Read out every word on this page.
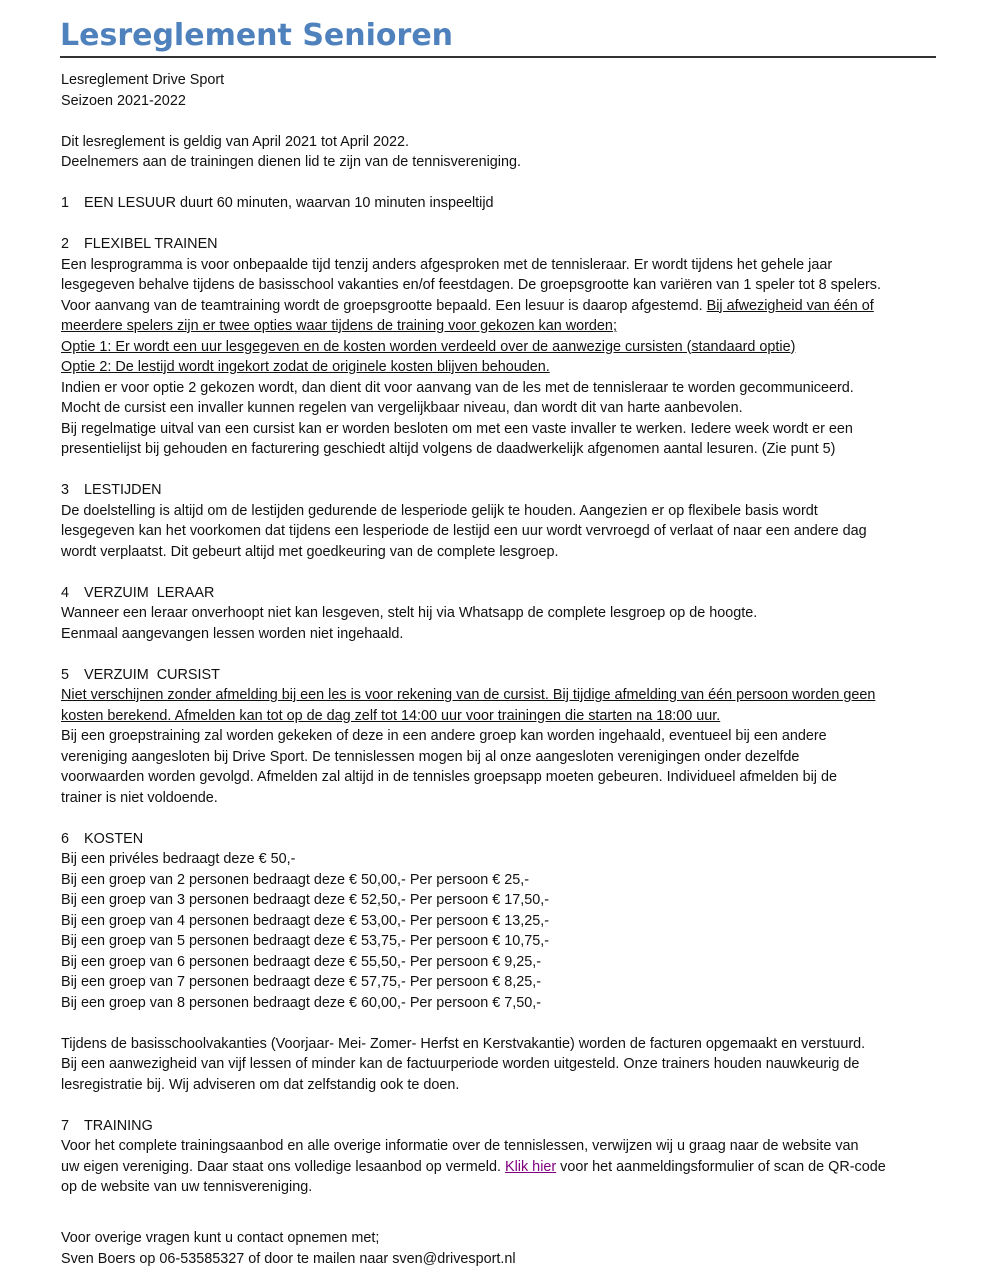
Lesreglement Senioren
Lesreglement Drive Sport
Seizoen 2021-2022
Dit lesreglement is geldig van April 2021 tot April 2022.
Deelnemers aan de trainingen dienen lid te zijn van de tennisvereniging.
1 EEN LESUUR duurt 60 minuten, waarvan 10 minuten inspeeltijd
2 FLEXIBEL TRAINEN
Een lesprogramma is voor onbepaalde tijd tenzij anders afgesproken met de tennisleraar. Er wordt tijdens het gehele jaar
lesgegeven behalve tijdens de basisschool vakanties en/of feestdagen. De groepsgrootte kan variëren van 1 speler tot 8 spelers.
Voor aanvang van de teamtraining wordt de groepsgrootte bepaald. Een lesuur is daarop afgestemd. Bij afwezigheid van één of
meerdere spelers zijn er twee opties waar tijdens de training voor gekozen kan worden;
Optie 1: Er wordt een uur lesgegeven en de kosten worden verdeeld over de aanwezige cursisten (standaard optie)
Optie 2: De lestijd wordt ingekort zodat de originele kosten blijven behouden.
Indien er voor optie 2 gekozen wordt, dan dient dit voor aanvang van de les met de tennisleraar te worden gecommuniceerd.
Mocht de cursist een invaller kunnen regelen van vergelijkbaar niveau, dan wordt dit van harte aanbevolen.
Bij regelmatige uitval van een cursist kan er worden besloten om met een vaste invaller te werken. Iedere week wordt er een
presentielijst bij gehouden en facturering geschiedt altijd volgens de daadwerkelijk afgenomen aantal lesuren. (Zie punt 5)
3 LESTIJDEN
De doelstelling is altijd om de lestijden gedurende de lesperiode gelijk te houden. Aangezien er op flexibele basis wordt
lesgegeven kan het voorkomen dat tijdens een lesperiode de lestijd een uur wordt vervroegd of verlaat of naar een andere dag
wordt verplaatst. Dit gebeurt altijd met goedkeuring van de complete lesgroep.
4 VERZUIM  LERAAR
Wanneer een leraar onverhoopt niet kan lesgeven, stelt hij via Whatsapp de complete lesgroep op de hoogte.
Eenmaal aangevangen lessen worden niet ingehaald.
5 VERZUIM  CURSIST
Niet verschijnen zonder afmelding bij een les is voor rekening van de cursist. Bij tijdige afmelding van één persoon worden geen
kosten berekend. Afmelden kan tot op de dag zelf tot 14:00 uur voor trainingen die starten na 18:00 uur.
Bij een groepstraining zal worden gekeken of deze in een andere groep kan worden ingehaald, eventueel bij een andere
vereniging aangesloten bij Drive Sport. De tennislessen mogen bij al onze aangesloten verenigingen onder dezelfde
voorwaarden worden gevolgd. Afmelden zal altijd in de tennisles groepsapp moeten gebeuren. Individueel afmelden bij de
trainer is niet voldoende.
6 KOSTEN
Bij een privéles bedraagt deze € 50,-
Bij een groep van 2 personen bedraagt deze € 50,00,- Per persoon € 25,-
Bij een groep van 3 personen bedraagt deze € 52,50,- Per persoon € 17,50,-
Bij een groep van 4 personen bedraagt deze € 53,00,- Per persoon € 13,25,-
Bij een groep van 5 personen bedraagt deze € 53,75,- Per persoon € 10,75,-
Bij een groep van 6 personen bedraagt deze € 55,50,- Per persoon € 9,25,-
Bij een groep van 7 personen bedraagt deze € 57,75,- Per persoon € 8,25,-
Bij een groep van 8 personen bedraagt deze € 60,00,- Per persoon € 7,50,-
Tijdens de basisschoolvakanties (Voorjaar- Mei- Zomer- Herfst en Kerstvakantie) worden de facturen opgemaakt en verstuurd.
Bij een aanwezigheid van vijf lessen of minder kan de factuurperiode worden uitgesteld. Onze trainers houden nauwkeurig de
lesregistratie bij. Wij adviseren om dat zelfstandig ook te doen.
7 TRAINING
Voor het complete trainingsaanbod en alle overige informatie over de tennislessen, verwijzen wij u graag naar de website van
uw eigen vereniging. Daar staat ons volledige lesaanbod op vermeld. Klik hier voor het aanmeldingsformulier of scan de QR-code
op de website van uw tennisvereniging.
Voor overige vragen kunt u contact opnemen met;
Sven Boers op 06-53585327 of door te mailen naar sven@drivesport.nl
